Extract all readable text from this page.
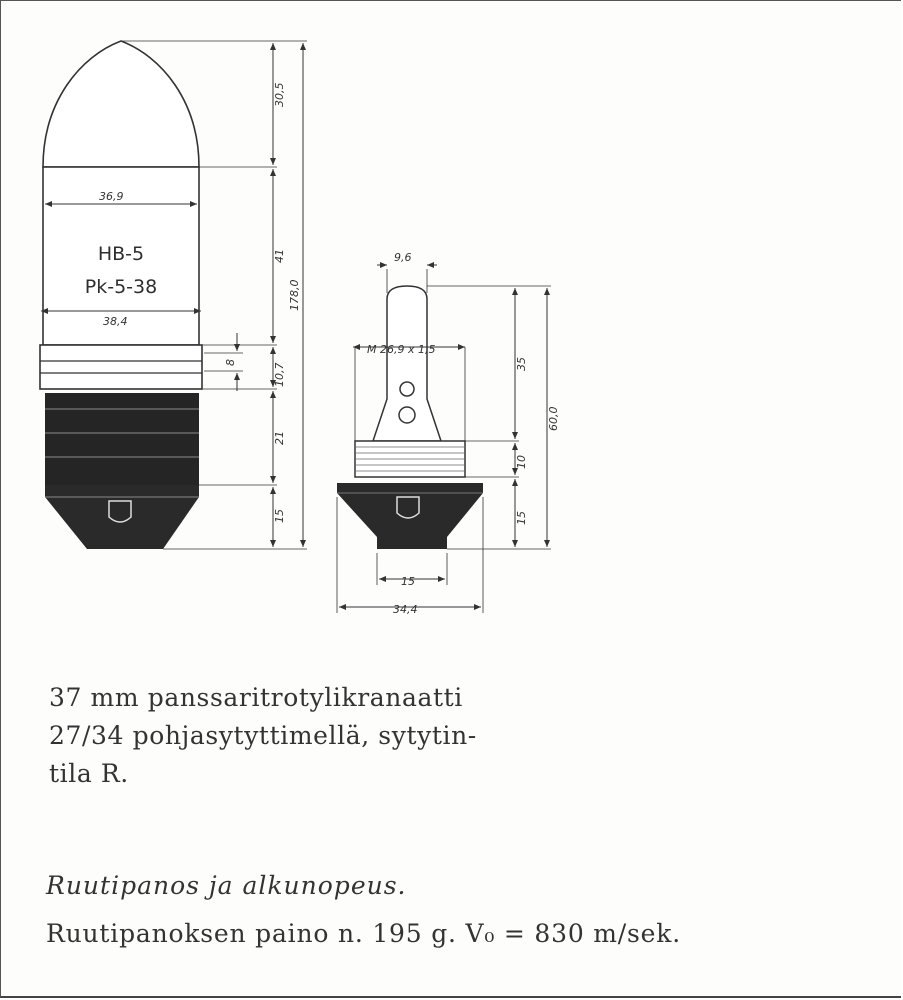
36,9
38,4
30,5
41
10,7
21
15
178,0
8
HB-5
Pk-5-38
9,6
M 26,9 x 1,5
35
10
15
60,0
15
34,4
37 mm panssaritrotylikranaatti
27/34 pohjasytyttimellä, sytytin-
tila R.
Ruutipanos ja alkunopeus.
Ruutipanoksen paino n. 195 g. V₀ = 830 m/sek.
